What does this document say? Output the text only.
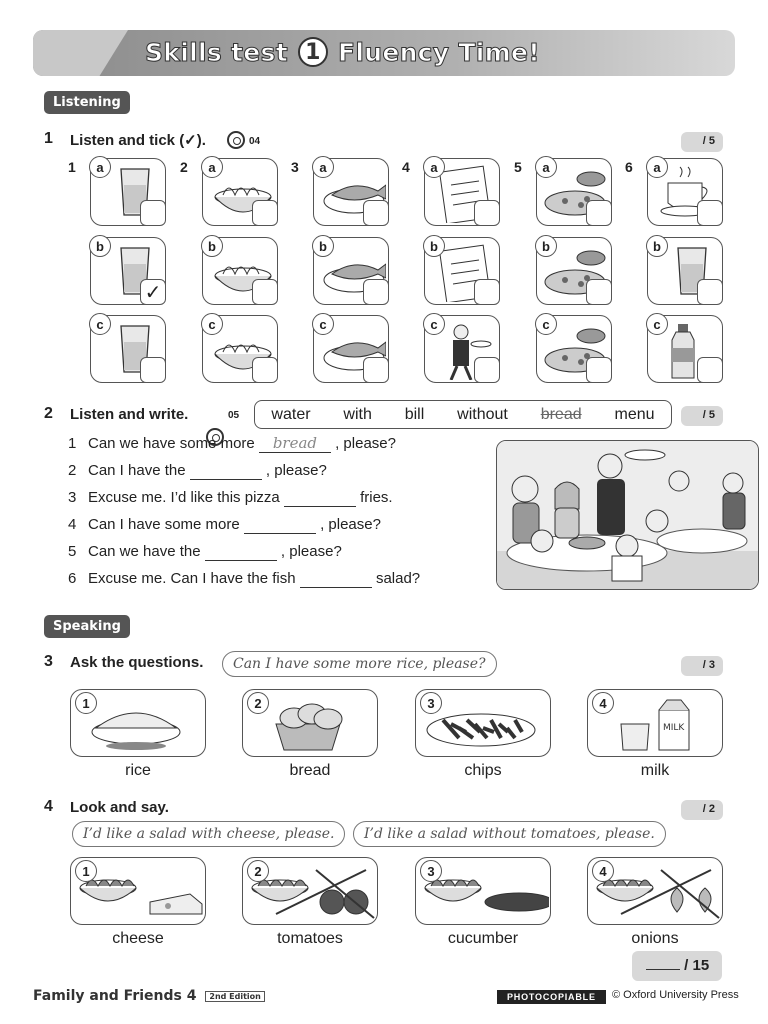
Skills test 1 Fluency Time!
Listening
1 Listen and tick (✓).	04	/ 5
1	a
b
✓
c
2	a
b
c
3	a
b
c
4	a
b
c
5	a
b
c
6	a
b
c
2 Listen and write.	05 water with bill without bread menu	/ 5
1 Can we have some more bread , please?
2 Can I have the	, please?
3 Excuse me. I’d like this pizza	fries.
4 Can I have some more	, please?
5 Can we have the	, please?
6 Excuse me. Can I have the fish	salad?
Speaking
3 Ask the questions.	Can I have some more rice, please?	/ 3
1
rice
2
bread
3
chips
MILK
4
milk
4 Look and say.	/ 2
I’d like a salad with cheese, please.	I’d like a salad without tomatoes, please.
1
cheese
2
tomatoes
3
cucumber
4
onions
/ 15
Family and Friends 4 2nd Edition	PHOTOCOPIABLE	© Oxford University Press
